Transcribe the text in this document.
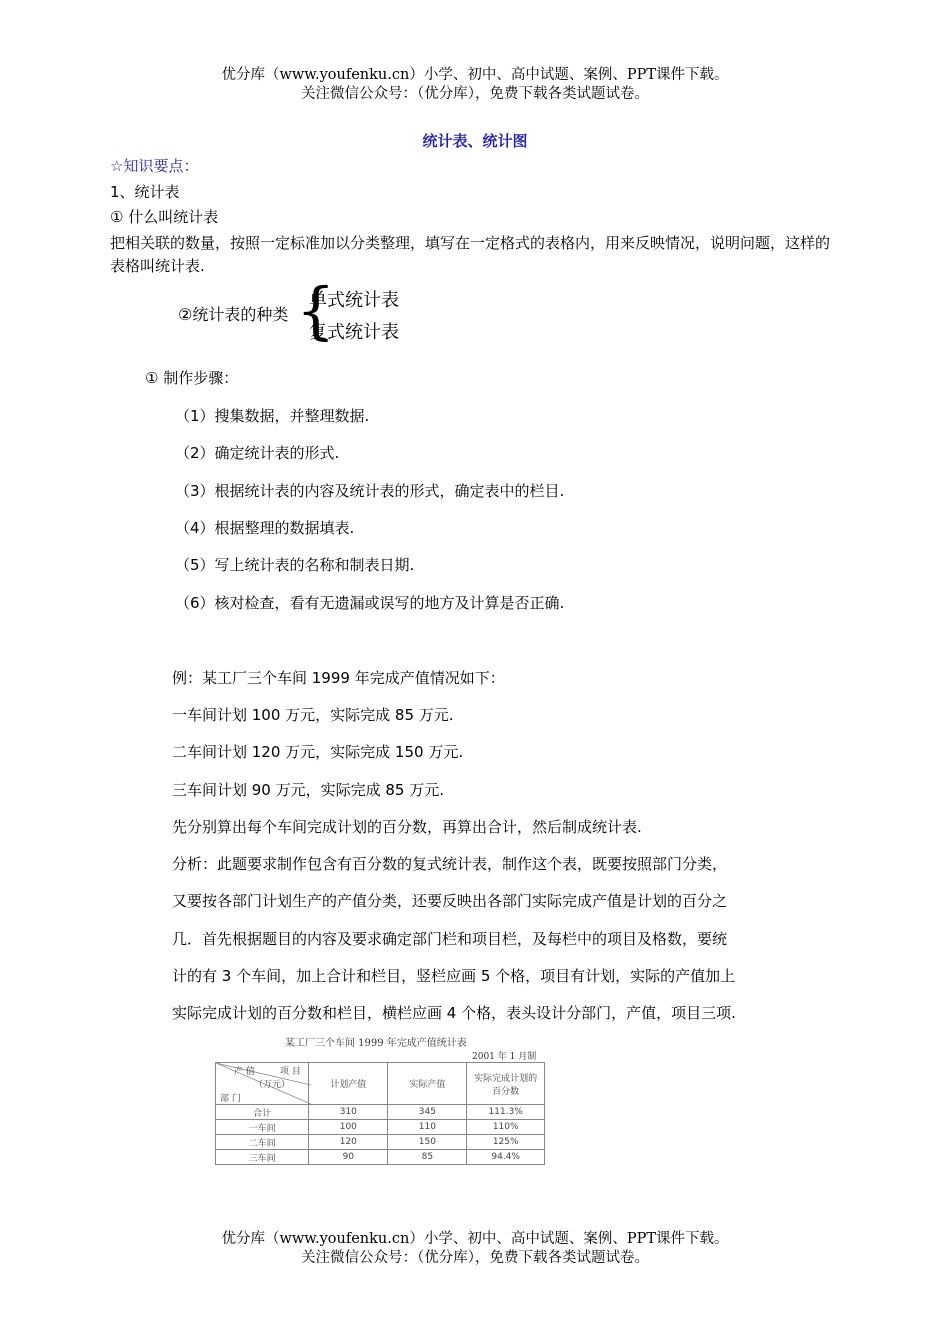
优分库（www.youfenku.cn）小学、初中、高中试题、案例、PPT课件下载。
关注微信公众号：（优分库），免费下载各类试题试卷。
统计表、统计图
☆知识要点：
1、统计表
① 什么叫统计表
把相关联的数量，按照一定标准加以分类整理，填写在一定格式的表格内，用来反映情况，说明问题，这样的表格叫统计表.
②统计表的种类 {
单式统计表
复式统计表
① 制作步骤：
（1）搜集数据，并整理数据.
（2）确定统计表的形式.
（3）根据统计表的内容及统计表的形式，确定表中的栏目.
（4）根据整理的数据填表.
（5）写上统计表的名称和制表日期.
（6）核对检查，看有无遗漏或误写的地方及计算是否正确.
例：某工厂三个车间 1999 年完成产值情况如下：
一车间计划 100 万元，实际完成 85 万元.
二车间计划 120 万元，实际完成 150 万元.
三车间计划 90 万元，实际完成 85 万元.
先分别算出每个车间完成计划的百分数，再算出合计，然后制成统计表.
分析：此题要求制作包含有百分数的复式统计表，制作这个表，既要按照部门分类，
又要按各部门计划生产的产值分类，还要反映出各部门实际完成产值是计划的百分之
几．首先根据题目的内容及要求确定部门栏和项目栏，及每栏中的项目及格数，要统
计的有 3 个车间，加上合计和栏目，竖栏应画 5 个格，项目有计划，实际的产值加上
实际完成计划的百分数和栏目，横栏应画 4 个格，表头设计分部门，产值，项目三项.
某工厂三个车间 1999 年完成产值统计表
2001 年 1 月制
产 值 项 目
（万元）
部 门	计划产值	实际产值	实际完成计划的百分数
合计	310	345	111.3%
一车间	100	110	110%
二车间	120	150	125%
三车间	90	85	94.4%
优分库（www.youfenku.cn）小学、初中、高中试题、案例、PPT课件下载。
关注微信公众号：（优分库），免费下载各类试题试卷。
